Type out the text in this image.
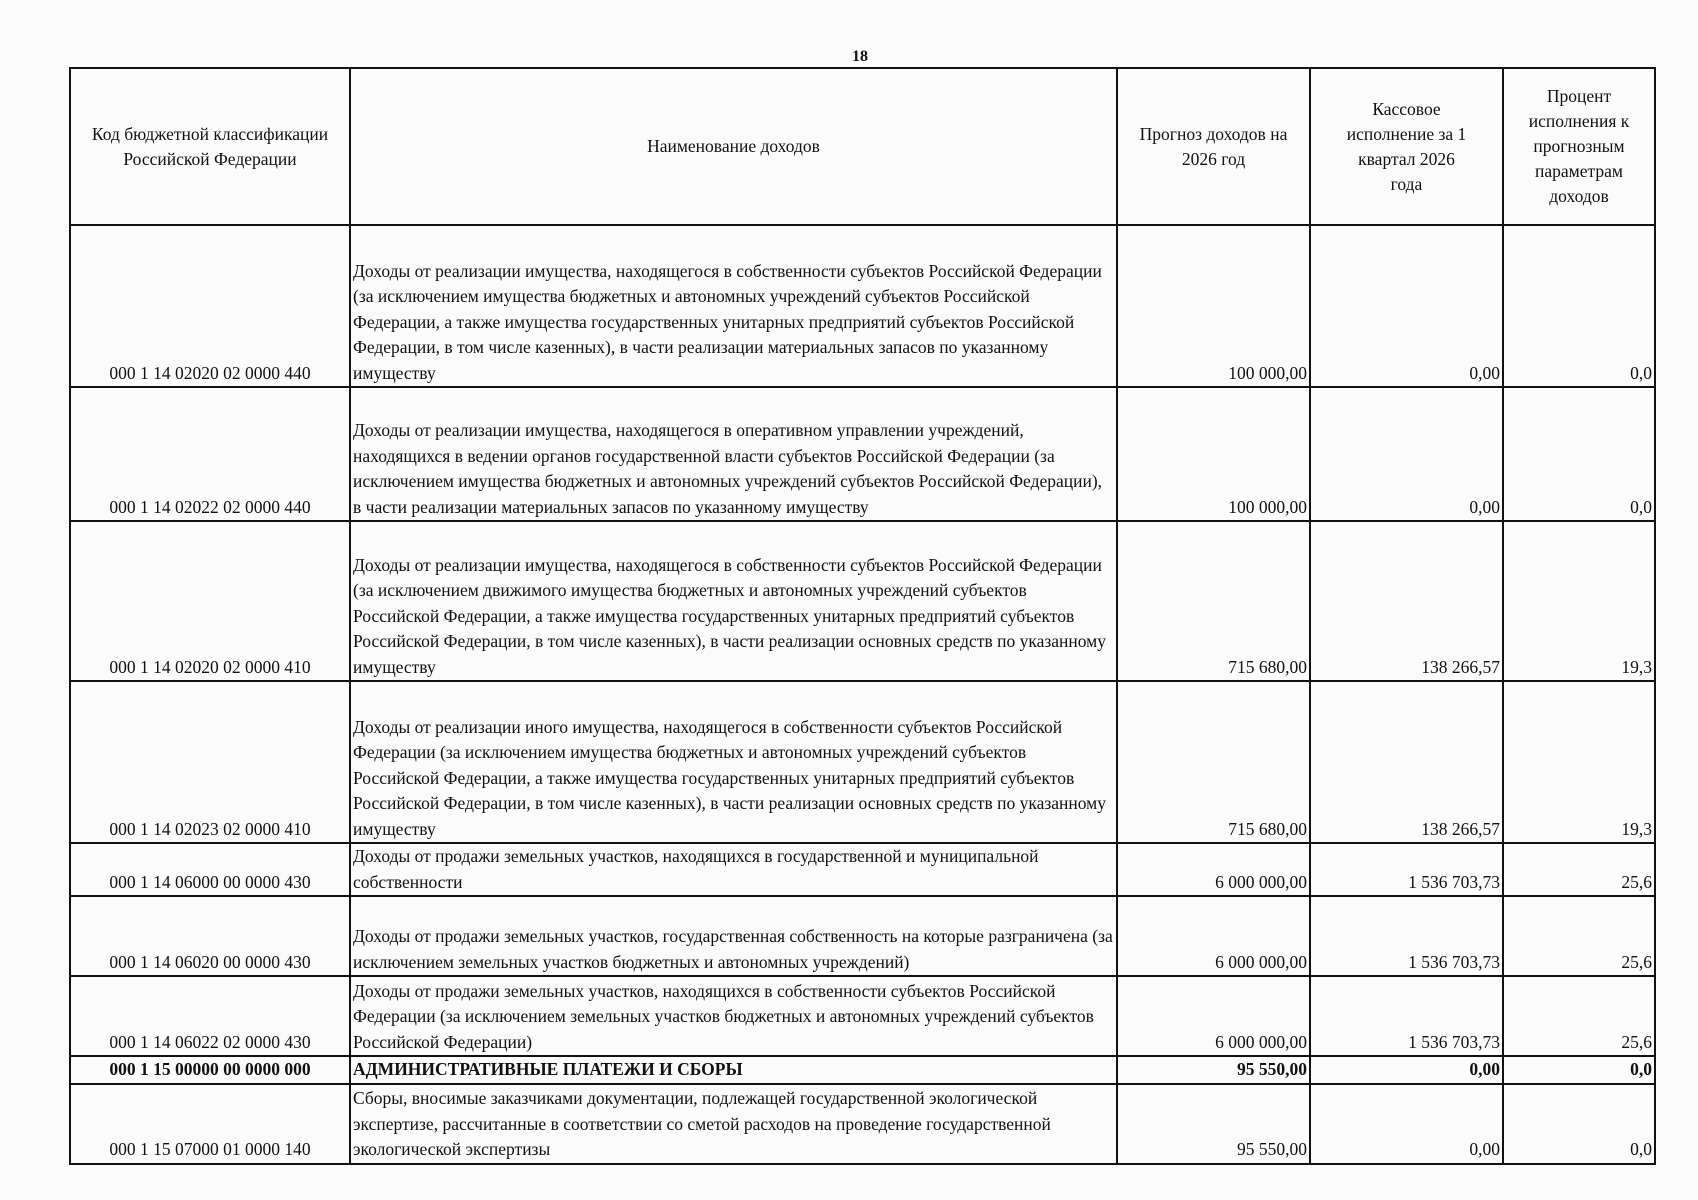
18
Код бюджетной классификации Российской Федерации	Наименование доходов	Прогноз доходов на 2026 год	Кассовое исполнение за 1 квартал 2026 года	Процент исполнения к прогнозным параметрам доходов
000 1 14 02020 02 0000 440	Доходы от реализации имущества, находящегося в собственности субъектов Российской Федерации (за исключением имущества бюджетных и автономных учреждений субъектов Российской Федерации, а также имущества государственных унитарных предприятий субъектов Российской Федерации, в том числе казенных), в части реализации материальных запасов по указанному имуществу	100 000,00	0,00	0,0
000 1 14 02022 02 0000 440	Доходы от реализации имущества, находящегося в оперативном управлении учреждений, находящихся в ведении органов государственной власти субъектов Российской Федерации (за исключением имущества бюджетных и автономных учреждений субъектов Российской Федерации), в части реализации материальных запасов по указанному имуществу	100 000,00	0,00	0,0
000 1 14 02020 02 0000 410	Доходы от реализации имущества, находящегося в собственности субъектов Российской Федерации (за исключением движимого имущества бюджетных и автономных учреждений субъектов Российской Федерации, а также имущества государственных унитарных предприятий субъектов Российской Федерации, в том числе казенных), в части реализации основных средств по указанному имуществу	715 680,00	138 266,57	19,3
000 1 14 02023 02 0000 410	Доходы от реализации иного имущества, находящегося в собственности субъектов Российской Федерации (за исключением имущества бюджетных и автономных учреждений субъектов Российской Федерации, а также имущества государственных унитарных предприятий субъектов Российской Федерации, в том числе казенных), в части реализации основных средств по указанному имуществу	715 680,00	138 266,57	19,3
000 1 14 06000 00 0000 430	Доходы от продажи земельных участков, находящихся в государственной и муниципальной собственности	6 000 000,00	1 536 703,73	25,6
000 1 14 06020 00 0000 430	Доходы от продажи земельных участков, государственная собственность на которые разграничена (за исключением земельных участков бюджетных и автономных учреждений)	6 000 000,00	1 536 703,73	25,6
000 1 14 06022 02 0000 430	Доходы от продажи земельных участков, находящихся в собственности субъектов Российской Федерации (за исключением земельных участков бюджетных и автономных учреждений субъектов Российской Федерации)	6 000 000,00	1 536 703,73	25,6
000 1 15 00000 00 0000 000	АДМИНИСТРАТИВНЫЕ ПЛАТЕЖИ И СБОРЫ	95 550,00	0,00	0,0
000 1 15 07000 01 0000 140	Сборы, вносимые заказчиками документации, подлежащей государственной экологической экспертизе, рассчитанные в соответствии со сметой расходов на проведение государственной экологической экспертизы	95 550,00	0,00	0,0
